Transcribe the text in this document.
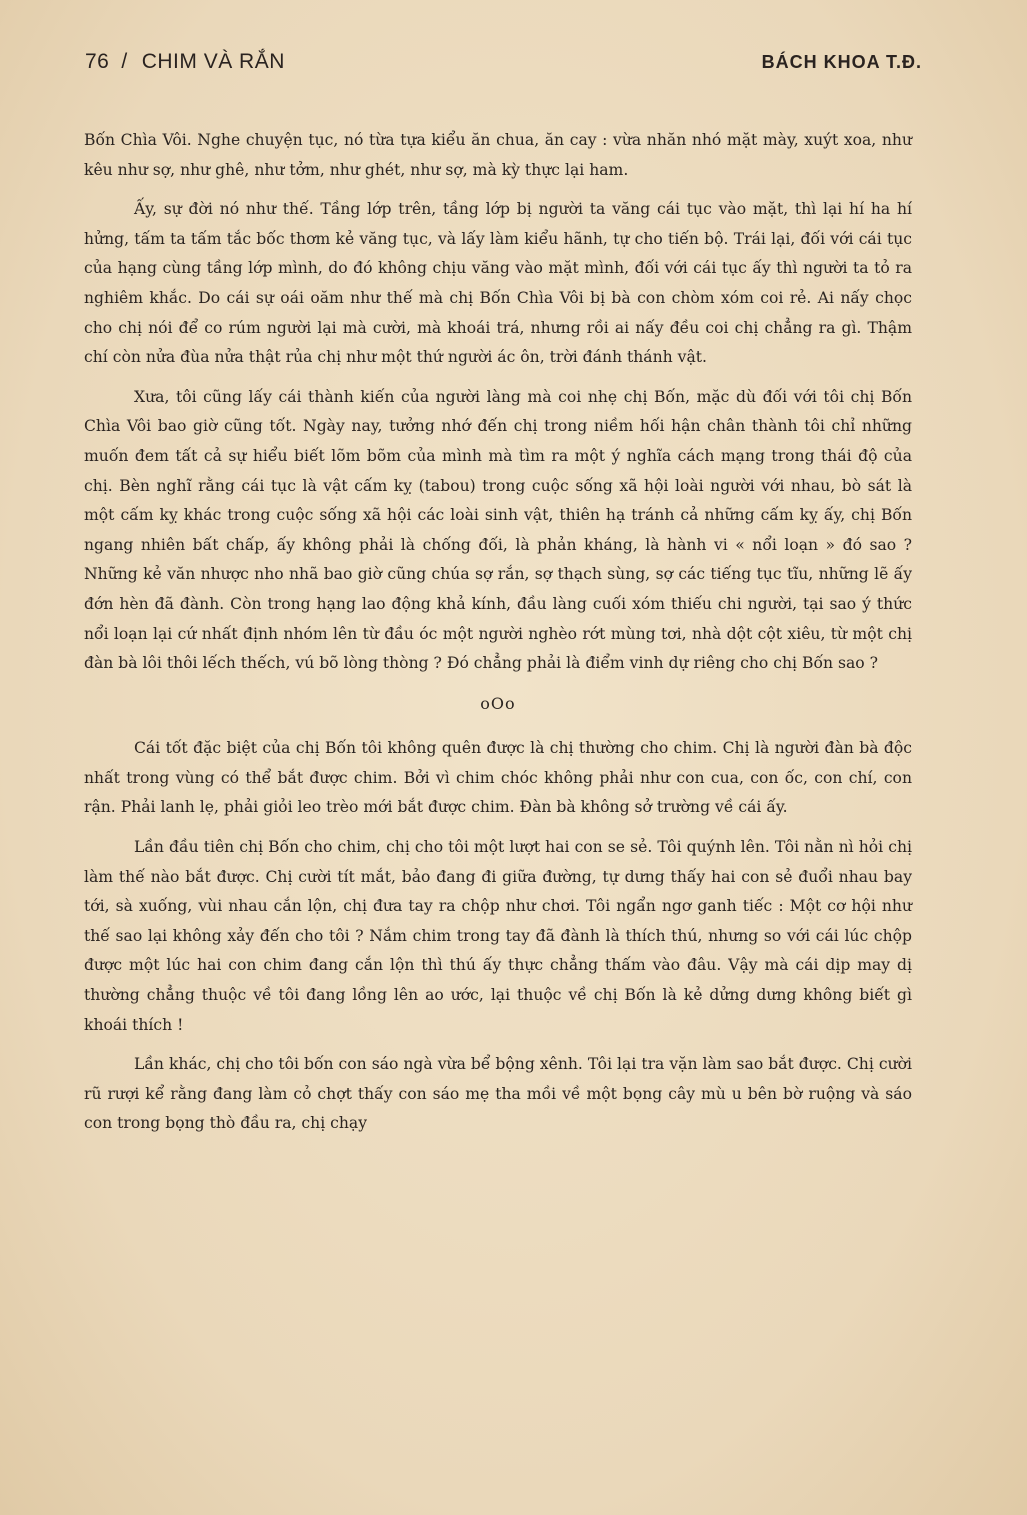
76 / CHIM VÀ RẮN	BÁCH KHOA T.Đ.

Bốn Chìa Vôi. Nghe chuyện tục, nó từa tựa kiểu ăn chua, ăn cay : vừa nhăn nhó mặt mày, xuýt xoa, như kêu như sợ, như ghê, như tởm, như ghét, như sợ, mà kỳ thực lại ham.

Ấy, sự đời nó như thế. Tầng lớp trên, tầng lớp bị người ta văng cái tục vào mặt, thì lại hí ha hí hửng, tấm ta tấm tắc bốc thơm kẻ văng tục, và lấy làm kiểu hãnh, tự cho tiến bộ. Trái lại, đối với cái tục của hạng cùng tầng lớp mình, do đó không chịu văng vào mặt mình, đối với cái tục ấy thì người ta tỏ ra nghiêm khắc. Do cái sự oái oăm như thế mà chị Bốn Chìa Vôi bị bà con chòm xóm coi rẻ. Ai nấy chọc cho chị nói để co rúm người lại mà cười, mà khoái trá, nhưng rồi ai nấy đều coi chị chẳng ra gì. Thậm chí còn nửa đùa nửa thật rủa chị như một thứ người ác ôn, trời đánh thánh vật.

Xưa, tôi cũng lấy cái thành kiến của người làng mà coi nhẹ chị Bốn, mặc dù đối với tôi chị Bốn Chìa Vôi bao giờ cũng tốt. Ngày nay, tưởng nhớ đến chị trong niềm hối hận chân thành tôi chỉ những muốn đem tất cả sự hiểu biết lõm bõm của mình mà tìm ra một ý nghĩa cách mạng trong thái độ của chị. Bèn nghĩ rằng cái tục là vật cấm kỵ (tabou) trong cuộc sống xã hội loài người với nhau, bò sát là một cấm kỵ khác trong cuộc sống xã hội các loài sinh vật, thiên hạ tránh cả những cấm kỵ ấy, chị Bốn ngang nhiên bất chấp, ấy không phải là chống đối, là phản kháng, là hành vi « nổi loạn » đó sao ? Những kẻ văn nhược nho nhã bao giờ cũng chúa sợ rắn, sợ thạch sùng, sợ các tiếng tục tĩu, những lẽ ấy đớn hèn đã đành. Còn trong hạng lao động khả kính, đầu làng cuối xóm thiếu chi người, tại sao ý thức nổi loạn lại cứ nhất định nhóm lên từ đầu óc một người nghèo rớt mùng tơi, nhà dột cột xiêu, từ một chị đàn bà lôi thôi lếch thếch, vú bõ lòng thòng ? Đó chẳng phải là điểm vinh dự riêng cho chị Bốn sao ?

oOo

Cái tốt đặc biệt của chị Bốn tôi không quên được là chị thường cho chim. Chị là người đàn bà độc nhất trong vùng có thể bắt được chim. Bởi vì chim chóc không phải như con cua, con ốc, con chí, con rận. Phải lanh lẹ, phải giỏi leo trèo mới bắt được chim. Đàn bà không sở trường về cái ấy.

Lần đầu tiên chị Bốn cho chim, chị cho tôi một lượt hai con se sẻ. Tôi quýnh lên. Tôi nằn nì hỏi chị làm thế nào bắt được. Chị cười tít mắt, bảo đang đi giữa đường, tự dưng thấy hai con sẻ đuổi nhau bay tới, sà xuống, vùi nhau cắn lộn, chị đưa tay ra chộp như chơi. Tôi ngẩn ngơ ganh tiếc : Một cơ hội như thế sao lại không xảy đến cho tôi ? Nắm chim trong tay đã đành là thích thú, nhưng so với cái lúc chộp được một lúc hai con chim đang cắn lộn thì thú ấy thực chẳng thấm vào đâu. Vậy mà cái dịp may dị thường chẳng thuộc về tôi đang lồng lên ao ước, lại thuộc về chị Bốn là kẻ dửng dưng không biết gì khoái thích !

Lần khác, chị cho tôi bốn con sáo ngà vừa bể bộng xênh. Tôi lại tra vặn làm sao bắt được. Chị cười rũ rượi kể rằng đang làm cỏ chợt thấy con sáo mẹ tha mồi về một bọng cây mù u bên bờ ruộng và sáo con trong bọng thò đầu ra, chị chạy
